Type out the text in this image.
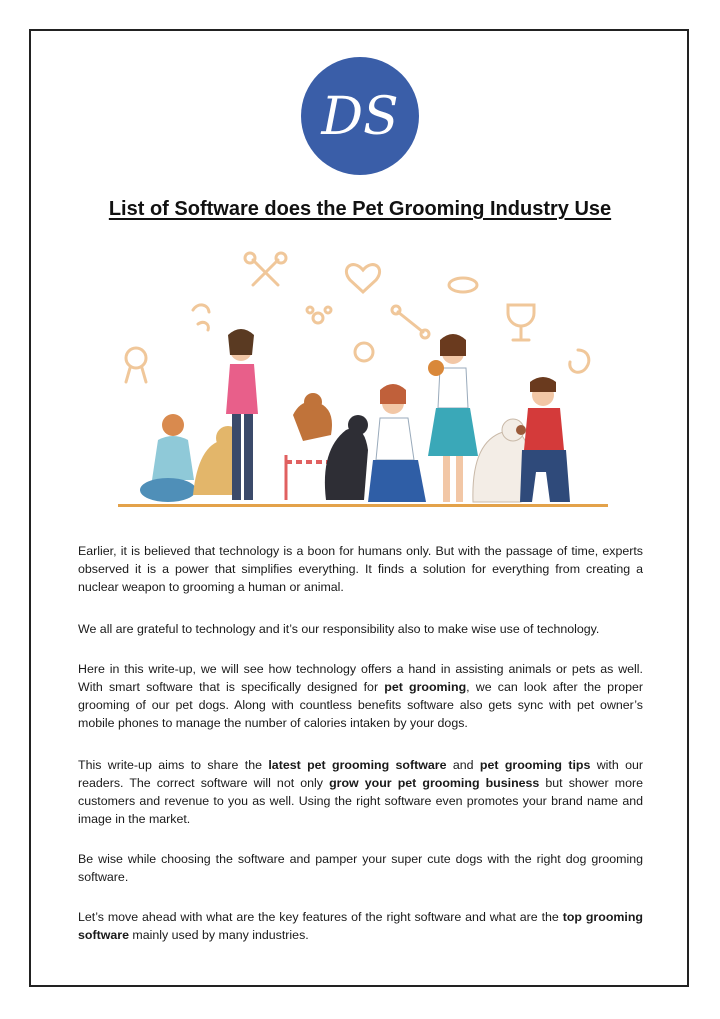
DS
List of Software does the Pet Grooming Industry Use
Earlier, it is believed that technology is a boon for humans only. But with the passage of time, experts observed it is a power that simplifies everything. It finds a solution for everything from creating a nuclear weapon to grooming a human or animal.
We all are grateful to technology and it’s our responsibility also to make wise use of technology.
Here in this write-up, we will see how technology offers a hand in assisting animals or pets as well. With smart software that is specifically designed for pet grooming, we can look after the proper grooming of our pet dogs. Along with countless benefits software also gets sync with pet owner’s mobile phones to manage the number of calories intaken by your dogs.
This write-up aims to share the latest pet grooming software and pet grooming tips with our readers. The correct software will not only grow your pet grooming business but shower more customers and revenue to you as well. Using the right software even promotes your brand name and image in the market.
Be wise while choosing the software and pamper your super cute dogs with the right dog grooming software.
Let’s move ahead with what are the key features of the right software and what are the top grooming software mainly used by many industries.
